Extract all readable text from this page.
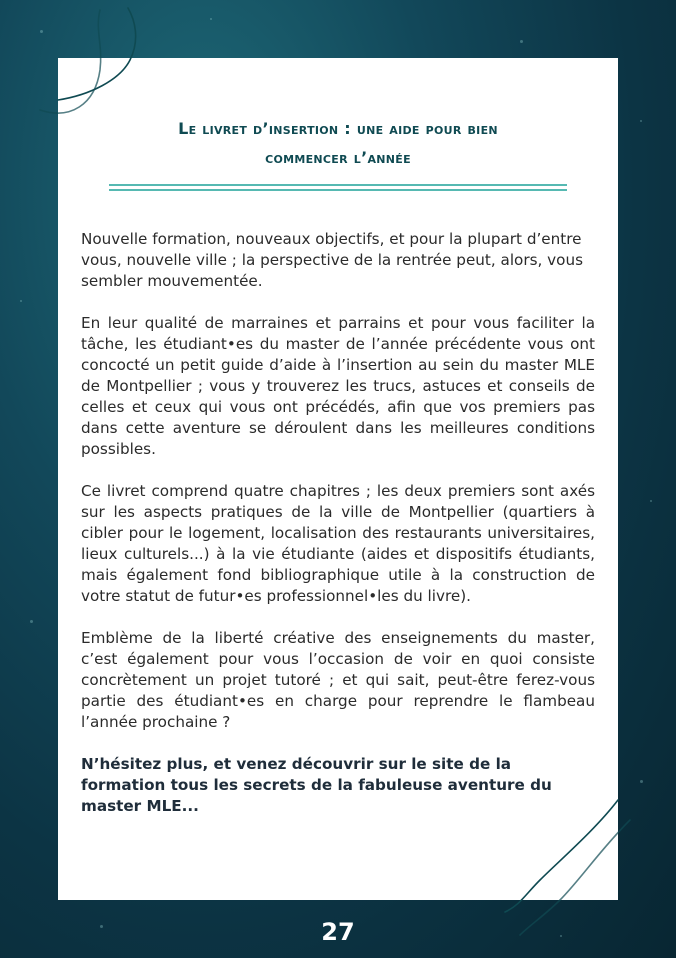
Le livret d’insertion : une aide pour bien
commencer l’année

Nouvelle formation, nouveaux objectifs, et pour la plupart d’entre vous, nouvelle ville ; la perspective de la rentrée peut, alors, vous sembler mouvementée.

En leur qualité de marraines et parrains et pour vous faciliter la tâche, les étudiant•es du master de l’année précédente vous ont concocté un petit guide d’aide à l’insertion au sein du master MLE de Montpellier ; vous y trouverez les trucs, astuces et conseils de celles et ceux qui vous ont précédés, afin que vos premiers pas dans cette aventure se déroulent dans les meilleures conditions possibles.

Ce livret comprend quatre chapitres ; les deux premiers sont axés sur les aspects pratiques de la ville de Montpellier (quartiers à cibler pour le logement, localisation des restaurants universitaires, lieux culturels...) à la vie étudiante (aides et dispositifs étudiants, mais également fond bibliographique utile à la construction de votre statut de futur•es professionnel•les du livre).

Emblème de la liberté créative des enseignements du master, c’est également pour vous l’occasion de voir en quoi consiste concrètement un projet tutoré ; et qui sait, peut-être ferez-vous partie des étudiant•es en charge pour reprendre le flambeau l’année prochaine ?

N’hésitez plus, et venez découvrir sur le site de la formation tous les secrets de la fabuleuse aventure du master MLE...

27
